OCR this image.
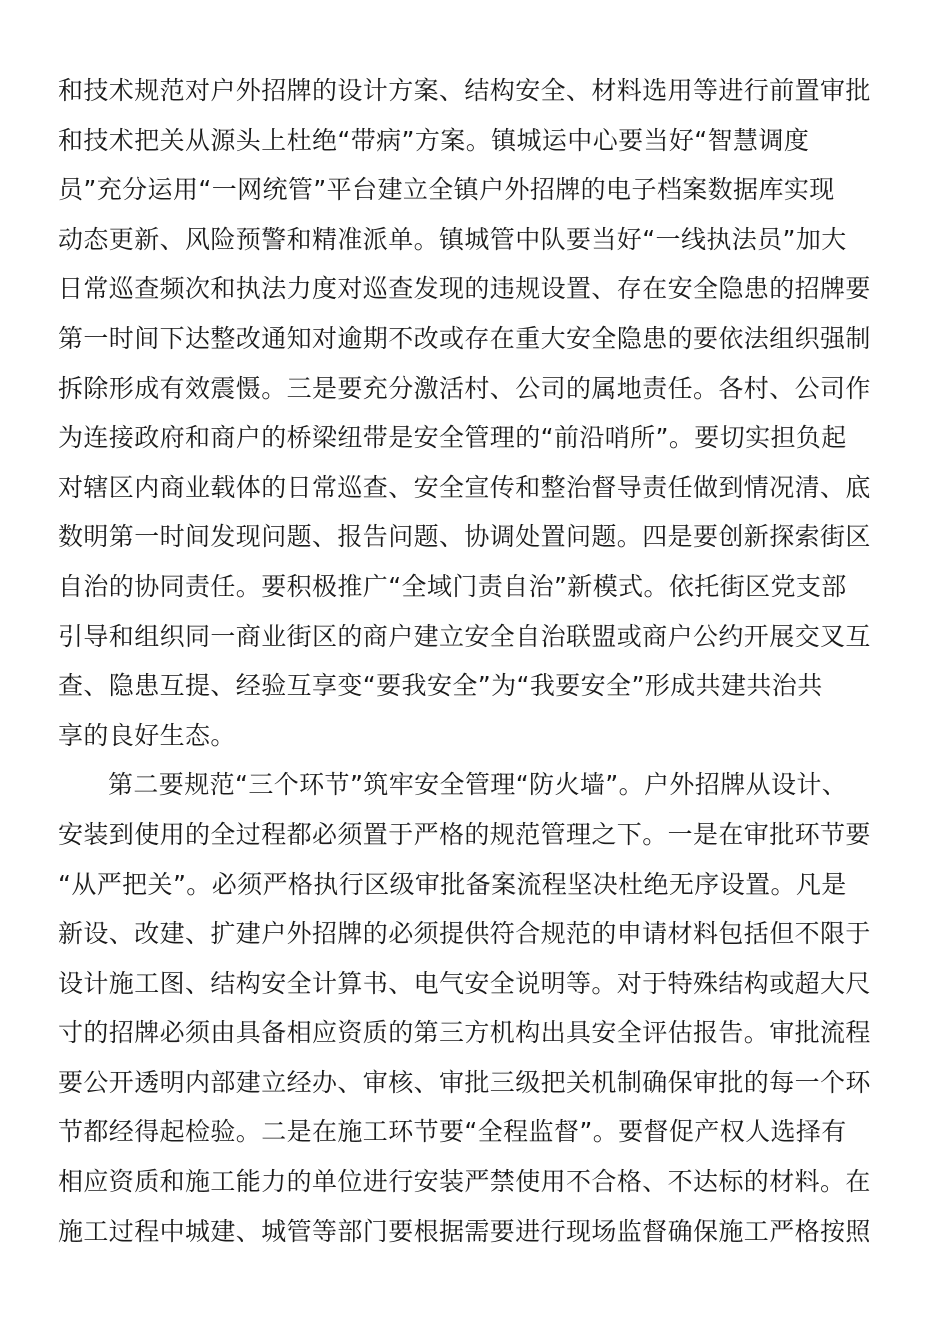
和技术规范对户外招牌的设计方案、结构安全、材料选用等进行前置审批
和技术把关从源头上杜绝“带病”方案。镇城运中心要当好“智慧调度
员”充分运用“一网统管”平台建立全镇户外招牌的电子档案数据库实现
动态更新、风险预警和精准派单。镇城管中队要当好“一线执法员”加大
日常巡查频次和执法力度对巡查发现的违规设置、存在安全隐患的招牌要
第一时间下达整改通知对逾期不改或存在重大安全隐患的要依法组织强制
拆除形成有效震慑。三是要充分激活村、公司的属地责任。各村、公司作
为连接政府和商户的桥梁纽带是安全管理的“前沿哨所”。要切实担负起
对辖区内商业载体的日常巡查、安全宣传和整治督导责任做到情况清、底
数明第一时间发现问题、报告问题、协调处置问题。四是要创新探索街区
自治的协同责任。要积极推广“全域门责自治”新模式。依托街区党支部
引导和组织同一商业街区的商户建立安全自治联盟或商户公约开展交叉互
查、隐患互提、经验互享变“要我安全”为“我要安全”形成共建共治共
享的良好生态。
第二要规范“三个环节”筑牢安全管理“防火墙”。户外招牌从设计、
安装到使用的全过程都必须置于严格的规范管理之下。一是在审批环节要
“从严把关”。必须严格执行区级审批备案流程坚决杜绝无序设置。凡是
新设、改建、扩建户外招牌的必须提供符合规范的申请材料包括但不限于
设计施工图、结构安全计算书、电气安全说明等。对于特殊结构或超大尺
寸的招牌必须由具备相应资质的第三方机构出具安全评估报告。审批流程
要公开透明内部建立经办、审核、审批三级把关机制确保审批的每一个环
节都经得起检验。二是在施工环节要“全程监督”。要督促产权人选择有
相应资质和施工能力的单位进行安装严禁使用不合格、不达标的材料。在
施工过程中城建、城管等部门要根据需要进行现场监督确保施工严格按照
